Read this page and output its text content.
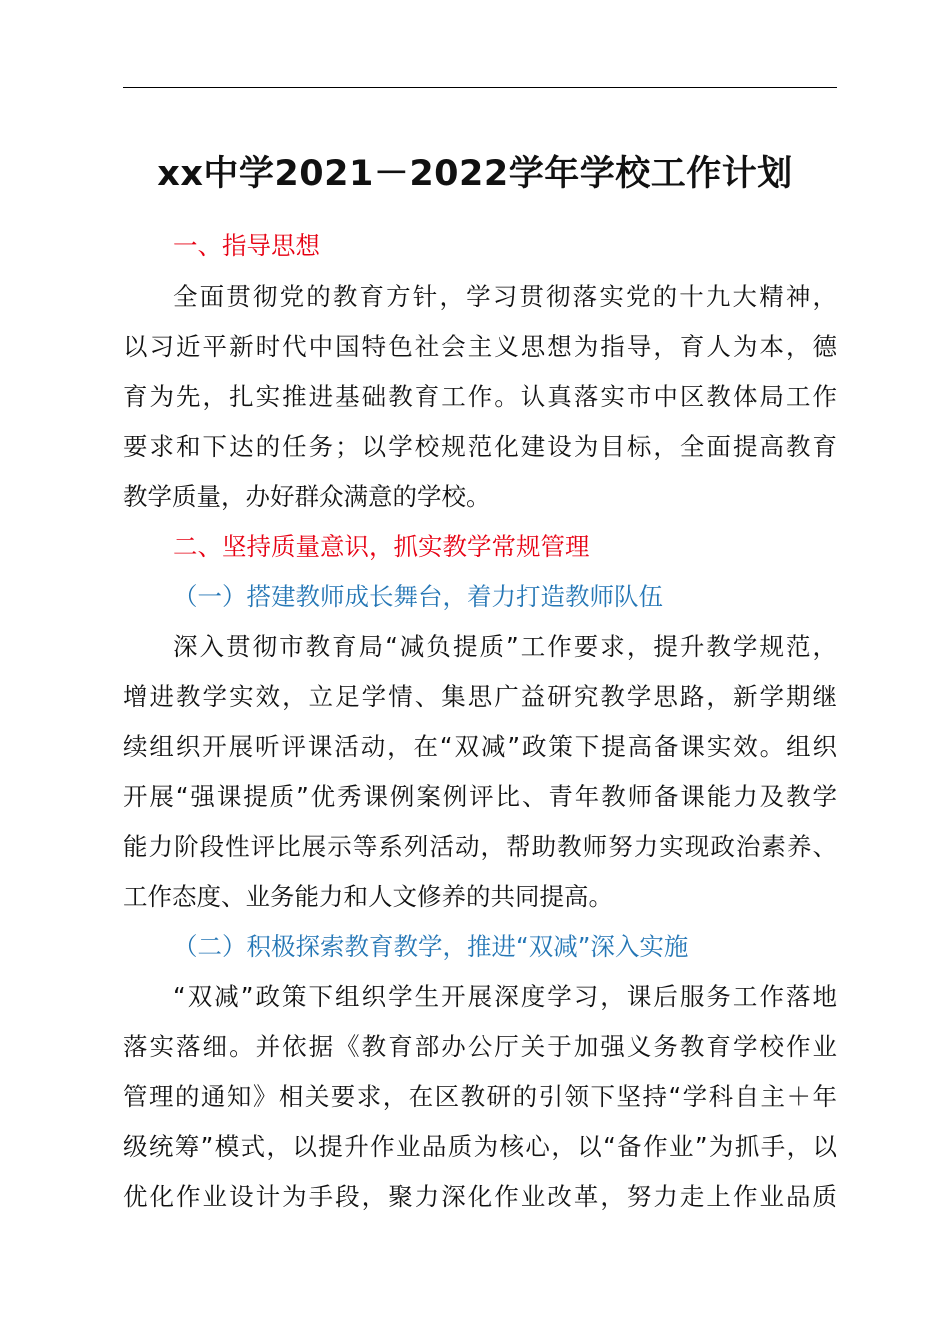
xx中学2021－2022学年学校工作计划
一、指导思想
全面贯彻党的教育方针，学习贯彻落实党的十九大精神，
以习近平新时代中国特色社会主义思想为指导，育人为本，德
育为先，扎实推进基础教育工作。认真落实市中区教体局工作
要求和下达的任务；以学校规范化建设为目标，全面提高教育
教学质量，办好群众满意的学校。
二、坚持质量意识，抓实教学常规管理
（一）搭建教师成长舞台，着力打造教师队伍
深入贯彻市教育局“减负提质”工作要求，提升教学规范，
增进教学实效，立足学情、集思广益研究教学思路，新学期继
续组织开展听评课活动，在“双减”政策下提高备课实效。组织
开展“强课提质”优秀课例案例评比、青年教师备课能力及教学
能力阶段性评比展示等系列活动，帮助教师努力实现政治素养、
工作态度、业务能力和人文修养的共同提高。
（二）积极探索教育教学，推进“双减”深入实施
“双减”政策下组织学生开展深度学习，课后服务工作落地
落实落细。并依据《教育部办公厅关于加强义务教育学校作业
管理的通知》相关要求，在区教研的引领下坚持“学科自主＋年
级统筹”模式，以提升作业品质为核心，以“备作业”为抓手，以
优化作业设计为手段，聚力深化作业改革，努力走上作业品质
